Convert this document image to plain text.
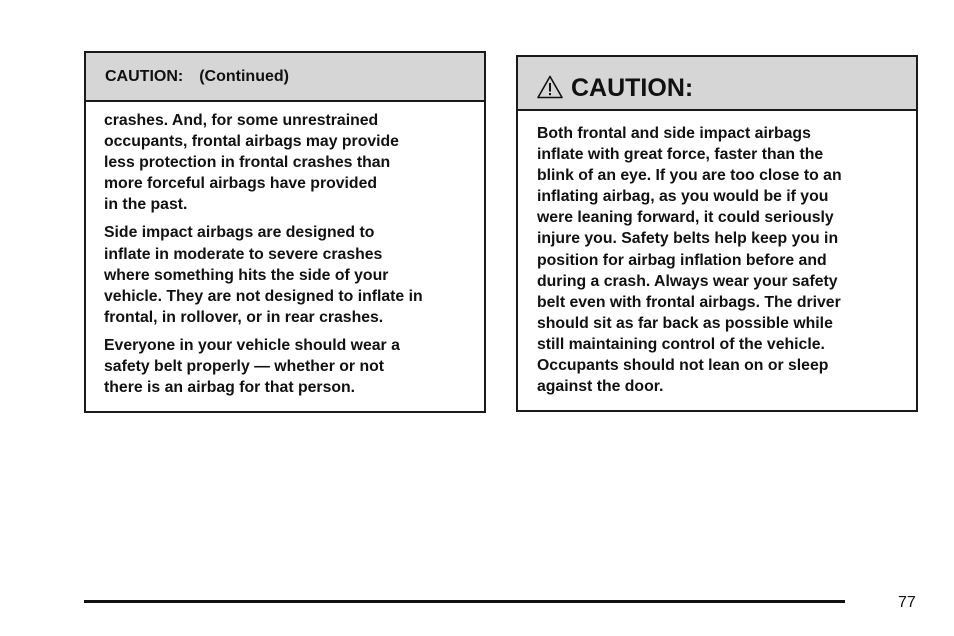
CAUTION: (Continued)

crashes. And, for some unrestrained
occupants, frontal airbags may provide
less protection in frontal crashes than
more forceful airbags have provided
in the past.

Side impact airbags are designed to
inflate in moderate to severe crashes
where something hits the side of your
vehicle. They are not designed to inflate in
frontal, in rollover, or in rear crashes.

Everyone in your vehicle should wear a
safety belt properly — whether or not
there is an airbag for that person.

CAUTION:

Both frontal and side impact airbags
inflate with great force, faster than the
blink of an eye. If you are too close to an
inflating airbag, as you would be if you
were leaning forward, it could seriously
injure you. Safety belts help keep you in
position for airbag inflation before and
during a crash. Always wear your safety
belt even with frontal airbags. The driver
should sit as far back as possible while
still maintaining control of the vehicle.
Occupants should not lean on or sleep
against the door.

77
